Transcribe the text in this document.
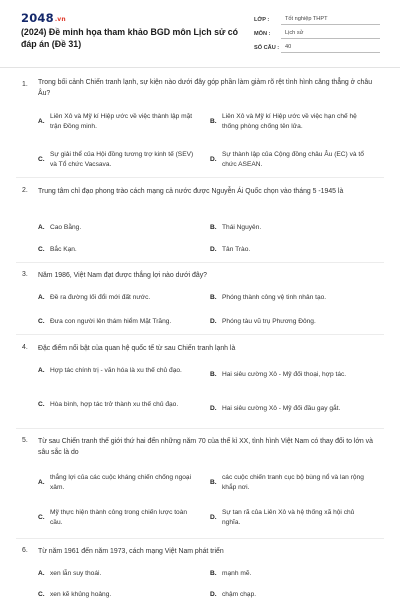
2048.vn
(2024) Đề minh họa tham khảo BGD môn Lịch sử có đáp án (Đề 31)
LỚP :	Tốt nghiệp THPT
MÔN :	Lịch sử
SỐ CÂU :	40
1. Trong bối cảnh Chiến tranh lạnh, sự kiện nào dưới đây góp phần làm giảm rõ rệt tình hình căng thẳng ở châu Âu?
A.
Liên Xô và Mỹ kí Hiệp ước về việc thành lập mặt trận Đồng minh.
B.
Liên Xô và Mỹ kí Hiệp ước về việc hạn chế hệ thống phòng chống tên lửa.
C.
Sự giải thể của Hội đồng tương trợ kinh tế (SEV) và Tổ chức Vacsava.
D.
Sự thành lập của Cộng đồng châu Âu (EC) và tổ chức ASEAN.
2. Trung tâm chỉ đạo phong trào cách mạng cả nước được Nguyễn Ái Quốc chọn vào tháng 5 -1945 là
A. Cao Bằng.	B. Thái Nguyên.
C. Bắc Kạn.	D. Tân Trào.
3. Năm 1986, Việt Nam đạt được thắng lợi nào dưới đây?
A. Đề ra đường lối đổi mới đất nước.	B. Phóng thành công vệ tinh nhân tạo.
C. Đưa con người lên thám hiểm Mặt Trăng.	D. Phóng tàu vũ trụ Phương Đông.
4. Đặc điểm nổi bật của quan hệ quốc tế từ sau Chiến tranh lạnh là
A. Hợp tác chính trị - văn hóa là xu thế chủ đạo.
B. Hai siêu cường Xô - Mỹ đối thoại, hợp tác.
C. Hòa bình, hợp tác trở thành xu thế chủ đạo.
D. Hai siêu cường Xô - Mỹ đối đầu gay gắt.
5. Từ sau Chiến tranh thế giới thứ hai đến những năm 70 của thế kỉ XX, tình hình Việt Nam có thay đổi to lớn và sâu sắc là do
A.
thắng lợi của các cuộc kháng chiến chống ngoại xâm.
B.
các cuộc chiến tranh cục bộ bùng nổ và lan rộng khắp nơi.
C.
Mỹ thực hiện thành công trong chiến lược toàn cầu.
D.
Sự tan rã của Liên Xô và hệ thống xã hội chủ nghĩa.
6. Từ năm 1961 đến năm 1973, cách mạng Việt Nam phát triển
A. xen lẫn suy thoái.	B. mạnh mẽ.
C. xen kẽ khủng hoảng.	D. chậm chạp.
